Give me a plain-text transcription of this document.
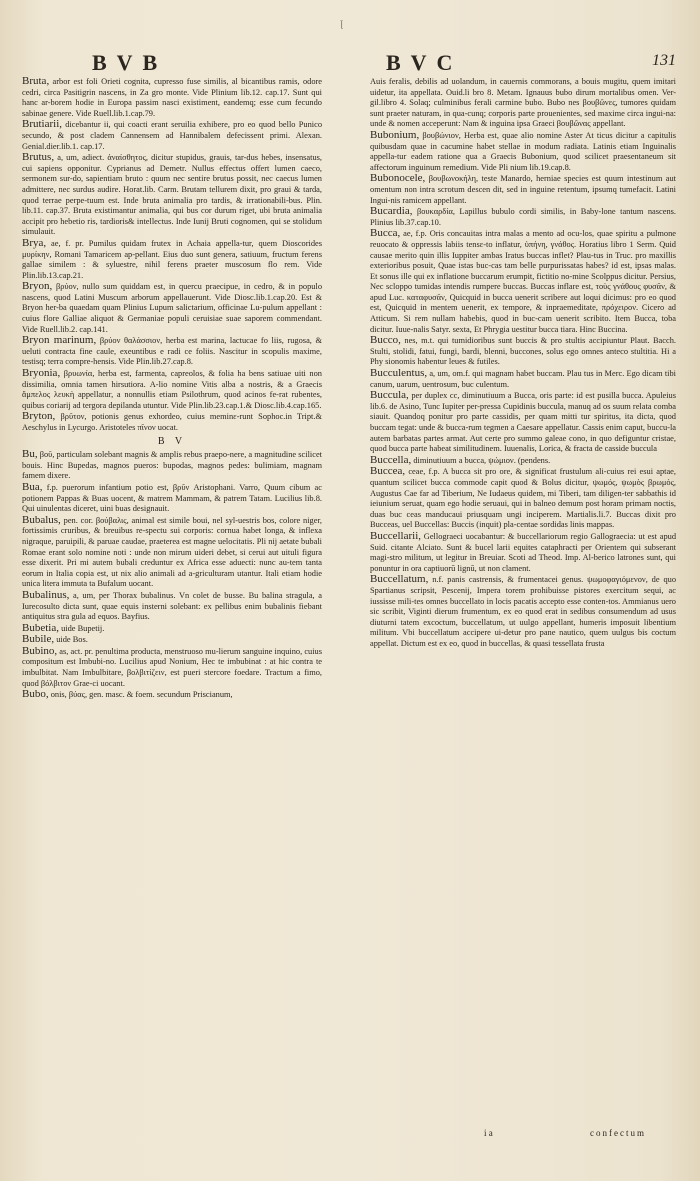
ꞁ
BVB	BVC	131
Bruta, arbor est foli Orieti cognita, cupresso fuse similis, al bicantibus ramis, odore cedri, circa Pasitigrin nascens, in Za gro monte. Vide Plinium lib.12. cap.17. Sunt qui hanc ar-borem hodie in Europa passim nasci existiment, eandemq; esse cum fecundo sabinae genere. Vide Ruell.lib.1.cap.79.
Brutiarii, dicebantur ii, qui coacti erant seruilia exhibere, pro eo quod bello Punico secundo, & post cladem Cannensem ad Hannibalem defecissent primi. Alexan. Genial.dier.lib.1. cap.17.
Brutus, a, um, adiect. ἀναίσθητος, dicitur stupidus, grauis, tar-dus hebes, insensatus, cui sapiens opponitur. Cyprianus ad Demetr. Nullus effectus offert lumen caeco, sermonem sur-do, sapientiam bruto : quum nec sentire brutus possit, nec caecus lumen admittere, nec surdus audire. Horat.lib. Carm. Brutam tellurem dixit, pro graui & tarda, quod terrae perpe-tuum est. Inde bruta animalia pro tardis, & irrationabili-bus. Plin. lib.11. cap.37. Bruta existimantur animalia, qui bus cor durum riget, ubi bruta animalia accipit pro hebetio ris, tardioris& intellectus. Inde Iunij Bruti cognomen, qui se stolidum simulauit.
Brya, ae, f. pr. Pumilus quidam frutex in Achaia appella-tur, quem Dioscorides μυρίκην, Romani Tamaricem ap-pellant. Eius duo sunt genera, satiuum, fructum ferens gallae similem : & syluestre, nihil ferens praeter muscosum flo rem. Vide Plin.lib.13.cap.21.
Bryon, βρύον, nullo sum quiddam est, in quercu praecipue, in cedro, & in populo nascens, quod Latini Muscum arborum appellauerunt. Vide Diosc.lib.1.cap.20. Est & Bryon her-ba quaedam quam Plinius Lupum salictarium, officinae Lu-pulum appellant : cuius flore Galliae aliquot & Germaniae populi ceruisiae suae saporem commendant. Vide Ruell.lib.2. cap.141.
Bryon marinum, βρύον θαλάσσιον, herba est marina, lactucae fo liis, rugosa, & ueluti contracta fine caule, exeuntibus e radi ce foliis. Nascitur in scopulis maxime, testisq; terra compre-hensis. Vide Plin.lib.27.cap.8.
Bryonia, βρυωνία, herba est, farmenta, capreolos, & folia ha bens satiuae uiti non dissimilia, omnia tamen hirsutiora. A-lio nomine Vitis alba a nostris, & a Graecis ἄμπελος λευκὴ appellatur, a nonnullis etiam Psilothrum, quod acinos fe-rat rubentes, quibus coriarij ad tergora depilanda utuntur. Vide Plin.lib.23.cap.1.& Diosc.lib.4.cap.165.
Bryton, βρῦτον, potionis genus exhordeo, cuius meminε-runt Sophoc.in Tript.& Aeschylus in Lycurgo. Aristoteles πῖνον uocat.
B V
Bu, βοῦ, particulam solebant magnis & amplis rebus praepo-nere, a magnitudine scilicet bouis. Hinc Bupedas, magnos pueros: bupodas, magnos pedes: bulimiam, magnam famem dixere.
Bua, f.p. puerorum infantium potio est, βρῦν Aristophani. Varro, Quum cibum ac potionem Pappas & Buas uocent, & matrem Mammam, & patrem Tatam. Lucilius lib.8. Qui uinulentas diceret, uini buas designauit.
Bubalus, pen. cor. βούβαλις, animal est simile boui, nel syl-uestris bos, colore niger, fortissimis cruribus, & breuibus re-spectu sui corporis: cornua habet longa, & inflexa nigraque, paruipili, & paruae caudae, praeterea est magne uelocitatis. Pli nij aetate bubali Romae erant solo nomine noti : unde non mirum uideri debet, si cerui aut uituli figura esse dixerit. Pri mi autem bubali creduntur ex Africa esse aduecti: nunc au-tem tanta eorum in Italia copia est, ut nix alio animali ad a-griculturam utantur. Itali etiam hodie unica litera immuta ta Bufalum uocant.
Bubalinus, a, um, per Thorax bubalinus. Vn colet de busse. Bu balina stragula, a Iurecosulto dicta sunt, quae equis insterni solebant: ex pellibus enim bubalinis fiebant antiquitus stra gula ad equos. Bayfius.
Bubetia, uide Bupetij.
Bubile, uide Bos.
Bubino, as, act. pr. penultima producta, menstruoso mu-lierum sanguine inquino, cuius compositum est Imbubi-no. Lucilius apud Nonium, Hec te imbubinat : at hic contra te imbulbitat. Nam Imbulbitare, βολβιτίζειν, est pueri stercore foedare. Tractum a fimo, quod βόλβιτον Grae-ci uocant.
Bubo, onis, βύας, gen. masc. & foem. secundum Priscianum,
Auis feralis, debilis ad uolandum, in cauernis commorans, a bouis mugitu, quem imitari uidetur, ita appellata. Ouid.li bro 8. Metam. Ignauus bubo dirum mortalibus omen. Ver-gil.libro 4. Solaq; culminibus ferali carmine bubo. Bubo nes βουβῶνες, tumores quidam sunt praeter naturam, in qua-cunq; corporis parte prouenientes, sed maxime circa ingui-na: unde & nomen acceperunt: Nam & inguina ipsa Graeci βουβῶνας appellant.
Bubonium, βουβώνιον, Herba est, quae alio nomine Aster At ticus dicitur a capitulis quibusdam quae in cacumine habet stellae in modum radiata. Latinis etiam Inguinalis appella-tur eadem ratione qua a Graecis Bubonium, quod scilicet praesentaneum sit affectorum inguinum remedium. Vide Pli nium lib.19.cap.8.
Bubonocele, βουβωνοκήλη, teste Manardo, herniae species est quum intestinum aut omentum non intra scrotum descen dit, sed in inguine retentum, ipsumq tumefacit. Latini Ingui-nis ramicem appellant.
Bucardia, βουκαρδία, Lapillus bubulo cordi similis, in Baby-lone tantum nascens. Plinius lib.37.cap.10.
Bucca, ae, f.p. Oris concauitas intra malas a mento ad ocu-los, quae spiritu a pulmone reuocato & oppressis labiis tensε-to inflatur, ὑπήνη, γνάθος. Horatius libro 1 Serm. Quid causae merito quin illis Iuppiter ambas Iratus buccas inflet? Plau-tus in Truc. pro maxillis exterioribus posuit, Quae istas buc-cas tam belle purpurissatas habes? id est, ipsas malas. Et sonus ille qui ex inflatione buccarum erumpit, fictitio no-mine Scolppus dicitur. Persius, Nec scloppo tumidas intendis rumpere buccas. Buccas inflare est, τοὺς γνάθους φυσᾶν, & apud Luc. καταφυσᾶν, Quicquid in bucca uenerit scribere aut loqui dicimus: pro eo quod est, Quicquid in mentem uenerit, ex tempore, & inpraemeditate, πρόχειρον. Cicero ad Atticum. Si rem nullam habebis, quod in buc-cam uenerit scribito. Item Bucca, toba dicitur. Iuue-nalis Satyr. sexta, Et Phrygia uestitur bucca tiara. Hinc Buccina.
Bucco, nes, m.t. qui tumidioribus sunt buccis & pro stultis accipiuntur Plaut. Bacch. Stulti, stolidi, fatui, fungi, bardi, blenni, buccones, solus ego omnes anteco stultitia. Hi a Phy sionomis habentur leues & futiles.
Bucculentus, a, um, om.f. qui magnam habet buccam. Plau tus in Merc. Ego dicam tibi canum, uarum, uentrosum, buc culentum.
Buccula, per duplex cc, diminutiuum a Bucca, oris parte: id est pusilla bucca. Apuleius lib.6. de Asino, Tunc Iupiter per-pressa Cupidinis buccula, manuq ad os suum relata comba siauit. Quandoq ponitur pro parte cassidis, per quam mitti tur spiritus, ita dicta, quod buccam tegat: unde & bucca-rum tegmen a Caesare appellatur. Cassis enim caput, buccu-la autem barbatas partes armat. Aut certe pro summo galeae cono, in quo defiguntur cristae, quod bucca parte habeat similitudinem. Iuuenalis, Lorica, & fracta de casside buccula
Buccella, diminutiuum a bucca, ψώμιον. (pendens.
Buccea, ceae, f.p. A bucca sit pro ore, & significat frustulum ali-cuius rei esui aptae, quantum scilicet bucca commode capit quod & Bolus dicitur, ψωμός, ψωμὸς βρωμός, Augustus Cae far ad Tiberium, Ne Iudaeus quidem, mi Tiberi, tam diligen-ter sabbathis id ieiunium seruat, quam ego hodie seruaui, qui in balneo demum post horam primam noctis, duas buc ceas manducaui priusquam ungi inciperem. Martialis.li.7. Buccas dixit pro Bucceas, uel Buccellas: Buccis (inquit) pla-centae sordidas linis mappas.
Buccellarii, Gellograeci uocabantur: & buccellariorum regio Gallograecia: ut est apud Suid. citante Alciato. Sunt & bucel larii equites cataphracti per Orientem qui subserant magi-stro militum, ut legitur in Breuiar. Scoti ad Theod. Imp. Al-berico latrones sunt, qui ponuntur in ora captiuorū lignū, ut non clament.
Buccellatum, n.f. panis castrensis, & frumentacei genus. ψωμοφαγιόμενον, de quo Spartianus scripsit, Pescenij, Impera torem prohibuisse pistores exercitum sequi, ac iussisse mili-tes omnes buccellato in locis pacatis accepto esse conten-tos. Ammianus uero sic scribit, Viginti dierum frumentum, ex eo quod erat in sedibus consumendum ad usus diuturni tatem excoctum, buccellatum, ut uulgo appellant, humeris imposuit libentium militum. Vbi buccellatum accipere ui-detur pro pane nautico, quem uulgus bis coctum appellat. Dictum est ex eo, quod in buccellas, & quasi tessellata frusta
i a	confectum
